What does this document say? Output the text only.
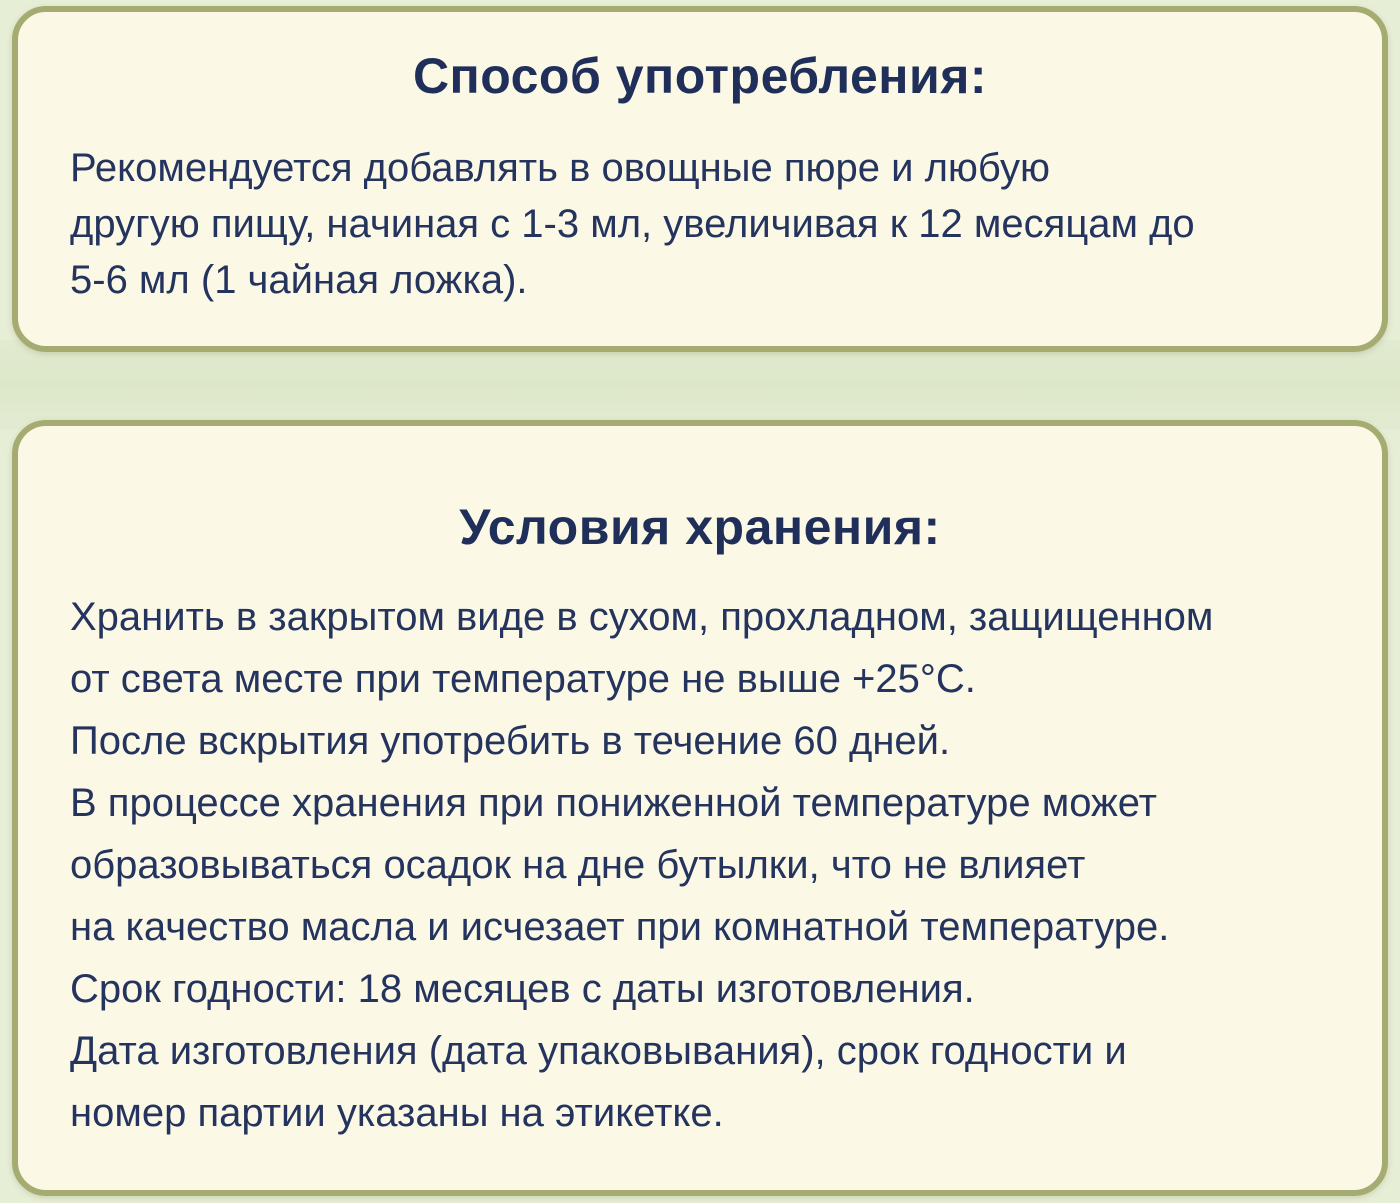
Способ употребления:
Рекомендуется добавлять в овощные пюре и любую
другую пищу, начиная с 1-3 мл, увеличивая к 12 месяцам до
5-6 мл (1 чайная ложка).
Условия хранения:
Хранить в закрытом виде в сухом, прохладном, защищенном
от света месте при температуре не выше +25°С.
После вскрытия употребить в течение 60 дней.
В процессе хранения при пониженной температуре может
образовываться осадок на дне бутылки, что не влияет
на качество масла и исчезает при комнатной температуре.
Срок годности: 18 месяцев с даты изготовления.
Дата изготовления (дата упаковывания), срок годности и
номер партии указаны на этикетке.
